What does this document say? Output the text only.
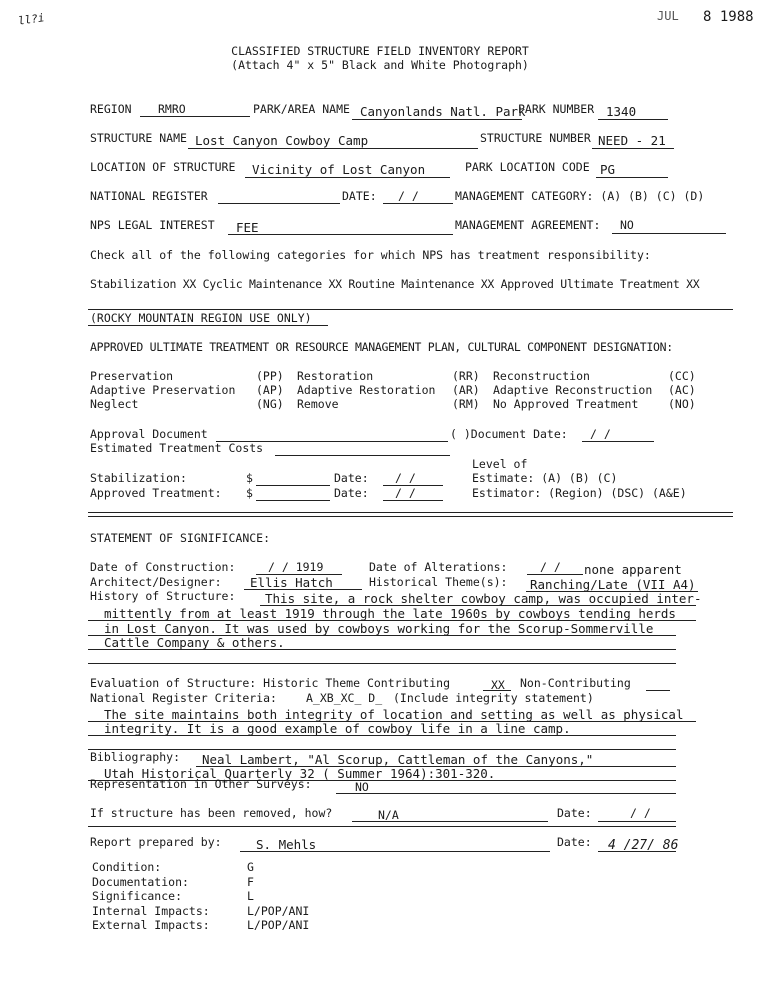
ll?i	JUL 8 1988
CLASSIFIED STRUCTURE FIELD INVENTORY REPORT
(Attach 4" x 5" Black and White Photograph)
REGION RMRO	PARK/AREA NAME Canyonlands Natl. Park
PARK NUMBER 1340
STRUCTURE NAME Lost Canyon Cowboy Camp	STRUCTURE NUMBER NEED - 21
LOCATION OF STRUCTURE Vicinity of Lost Canyon	PARK LOCATION CODE PG
NATIONAL REGISTER	DATE: / /	MANAGEMENT CATEGORY: (A) (B) (C) (D)
NPS LEGAL INTEREST FEE	MANAGEMENT AGREEMENT: NO
Check all of the following categories for which NPS has treatment responsibility:
Stabilization XX Cyclic Maintenance XX Routine Maintenance XX Approved Ultimate Treatment XX
(ROCKY MOUNTAIN REGION USE ONLY)
APPROVED ULTIMATE TREATMENT OR RESOURCE MANAGEMENT PLAN, CULTURAL COMPONENT DESIGNATION:
Preservation	(PP) Restoration	(RR) Reconstruction	(CC)
Adaptive Preservation (AP) Adaptive Restoration (AR) Adaptive Reconstruction (AC)
Neglect	(NG) Remove	(RM) No Approved Treatment	(NO)
Approval Document	( )Document Date: / /
Estimated Treatment Costs
Level of
Stabilization:	$	Date: / /	Estimate: (A) (B) (C)
Approved Treatment: $	Date: / /	Estimator: (Region) (DSC) (A&E)
STATEMENT OF SIGNIFICANCE:
Date of Construction:	/ / 1919	Date of Alterations:	/ / none apparent
Architect/Designer: Ellis Hatch	Historical Theme(s): Ranching/Late (VII A4)
History of Structure: This site, a rock shelter cowboy camp, was occupied inter-
mittently from at least 1919 through the late 1960s by cowboys tending herds
in Lost Canyon. It was used by cowboys working for the Scorup-Sommerville
Cattle Company & others.
Evaluation of Structure: Historic Theme Contributing	XX Non-Contributing
National Register Criteria:	A_XB_XC_ D_ (Include integrity statement)
The site maintains both integrity of location and setting as well as physical
integrity. It is a good example of cowboy life in a line camp.
Bibliography: Neal Lambert, "Al Scorup, Cattleman of the Canyons,"
Utah Historical Quarterly 32 ( Summer 1964):301-320.
Representation in Other Surveys:	NO
If structure has been removed, how?	N/A	Date:	/ /
Report prepared by:	S. Mehls	Date: 4 /27/ 86
Condition:	G
Documentation:	F
Significance:	L
Internal Impacts:	L/POP/ANI
External Impacts:	L/POP/ANI
